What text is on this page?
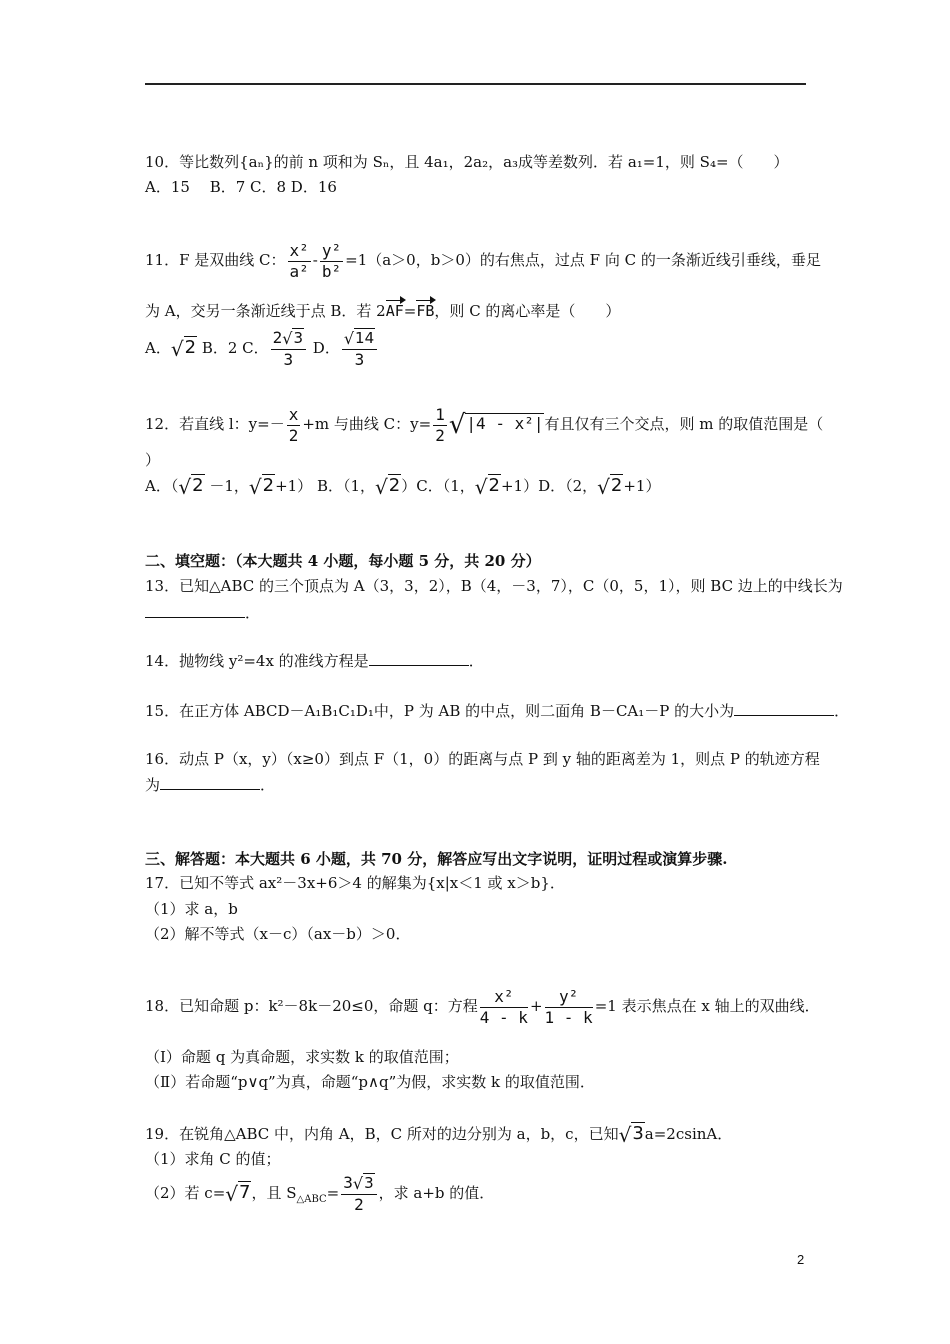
10．等比数列{aₙ}的前 n 项和为 Sₙ，且 4a₁，2a₂，a₃成等差数列．若 a₁=1，则 S₄=（　　）
A．15　 B．7 C．8 D．16
11．F 是双曲线 C： $\frac{\text{x²}}{\text{a²}} - \frac{\text{y²}}{\text{b²}} =1(a>0$，b＞0）的右焦点，过点 F 向 C 的一条渐近线引垂线，垂足
为 A，交另一条渐近线于点 B．若 2AF=FB，则 C 的离心率是（　　）
A．√2 B．2 C． $\frac{2√3}{3}$ D． $\frac{√14}{3}$
12．若直线 l：$y=- \frac{x}{2} +m$ 与曲线 C：$y= \frac{1}{2} √|4 - x^2|$有且仅有三个交点，则 m 的取值范围是（
）
A．（√2 －1，√2+1） B．（1，√2）C．（1，√2+1）D．（2，√2+1）
二、填空题：（本大题共 4 小题，每小题 5 分，共 20 分）
13．已知△ABC 的三个顶点为 A（3，3，2），B（4，－3，7），C（0，5，1），则 BC 边上的中线长为
．
14．抛物线 y²=4x 的准线方程是	．
15．在正方体 ABCD－A₁B₁C₁D₁中，P 为 AB 的中点，则二面角 B－CA₁－P 的大小为	．
16．动点 P（x，y）（x≥0）到点 F（1，0）的距离与点 P 到 y 轴的距离差为 1，则点 P 的轨迹方程
为	．
三、解答题：本大题共 6 小题，共 70 分，解答应写出文字说明，证明过程或演算步骤.
17．已知不等式 ax²－3x+6＞4 的解集为{x|x＜1 或 x＞b}．
（1）求 a，b
（2）解不等式（x－c）（ax－b）＞0．
18．已知命题 p：k²－8k－20≤0，命题 q：方程 $\frac{\text{x²}}{4 - k} + \frac{\text{y²}}{1 - k} =1$ 表示焦点在 x 轴上的双曲线．
（Ⅰ）命题 q 为真命题，求实数 k 的取值范围；
（Ⅱ）若命题“p∨q”为真，命题“p∧q”为假，求实数 k 的取值范围．
19．在锐角△ABC 中，内角 A，B，C 所对的边分别为 a，b，c，已知√3a=2csinA．
（1）求角 C 的值；
（2）若 c=√7，且 $S_{\triangle ABC}= \frac{3√3}{2}$ ，求 a+b 的值．
2
